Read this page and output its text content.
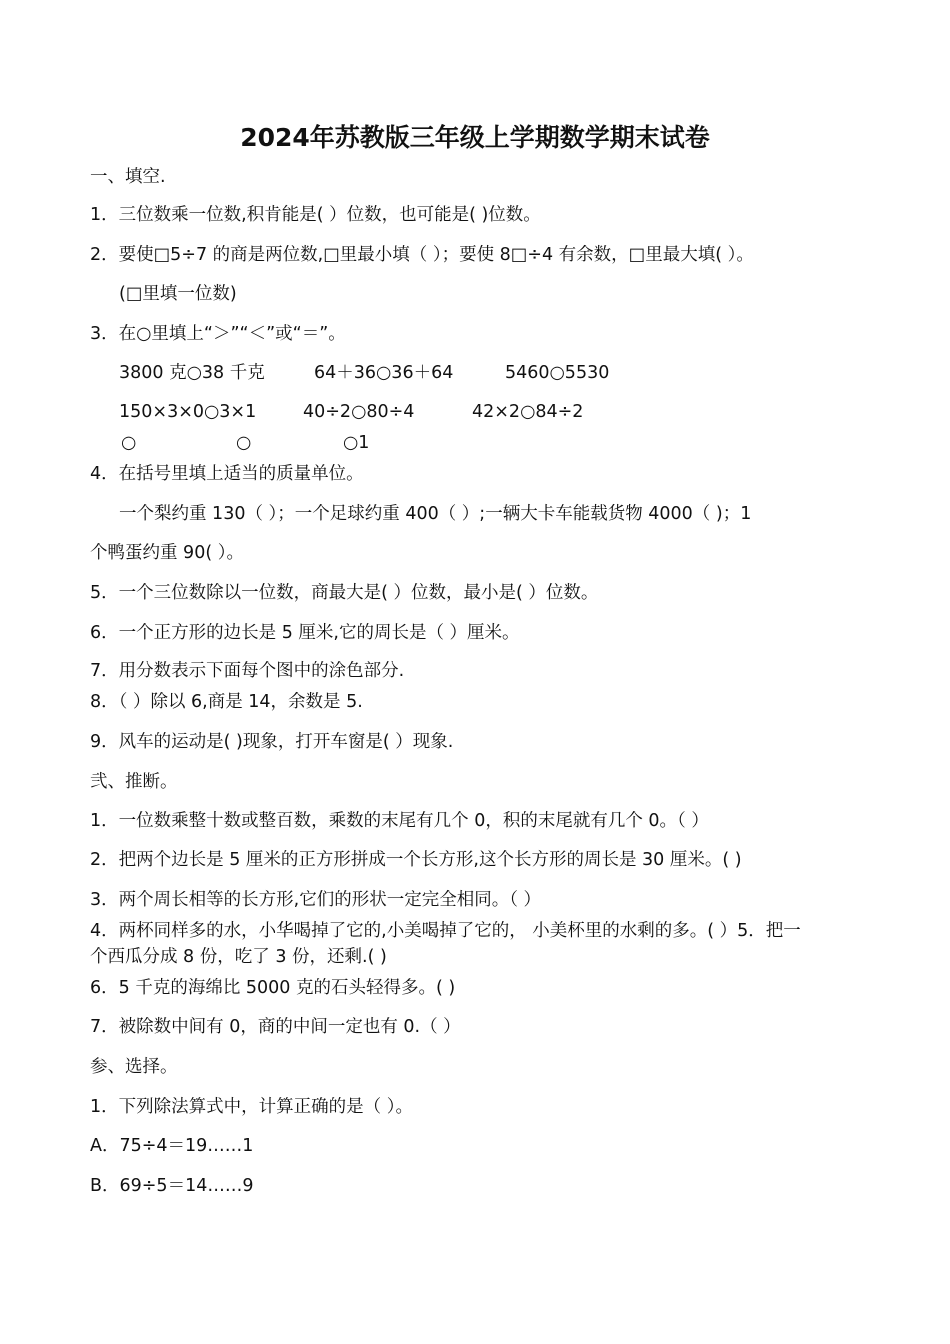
2024年苏教版三年级上学期数学期末试卷
一、填空.
1．三位数乘一位数,积肯能是( ）位数，也可能是( )位数。
2．要使□5÷7 的商是两位数,□里最小填（ ）；要使 8□÷4 有余数，□里最大填( ）。
(□里填一位数)
3．在○里填上“＞”“＜”或“＝”。
3800 克○38 千克	64＋36○36＋64	5460○5530
150×3×0○3×1	40÷2○80÷4	42×2○84÷2
○	○	○1
4．在括号里填上适当的质量单位。
一个梨约重 130（ ）；一个足球约重 400（ ）;一辆大卡车能载货物 4000（ )；1
个鸭蛋约重 90( ）。
5．一个三位数除以一位数，商最大是( ）位数，最小是( ）位数。
6．一个正方形的边长是 5 厘米,它的周长是（ ）厘米。
7．用分数表示下面每个图中的涂色部分.
8．（ ）除以 6,商是 14，余数是 5.
9．风车的运动是( )现象，打开车窗是( ）现象.
弐、推断。
1．一位数乘整十数或整百数，乘数的末尾有几个 0，积的末尾就有几个 0。（ ）
2．把两个边长是 5 厘米的正方形拼成一个长方形,这个长方形的周长是 30 厘米。( )
3．两个周长相等的长方形,它们的形状一定完全相同。（ ）
4．两杯同样多的水，小华喝掉了它的,小美喝掉了它的， 小美杯里的水剩的多。( ）5．把一
个西瓜分成 8 份，吃了 3 份，还剩.( )
6．5 千克的海绵比 5000 克的石头轻得多。( )
7．被除数中间有 0，商的中间一定也有 0.（ ）
参、选择。
1．下列除法算式中，计算正确的是（ ）。
A．75÷4＝19……1
B．69÷5＝14……9
